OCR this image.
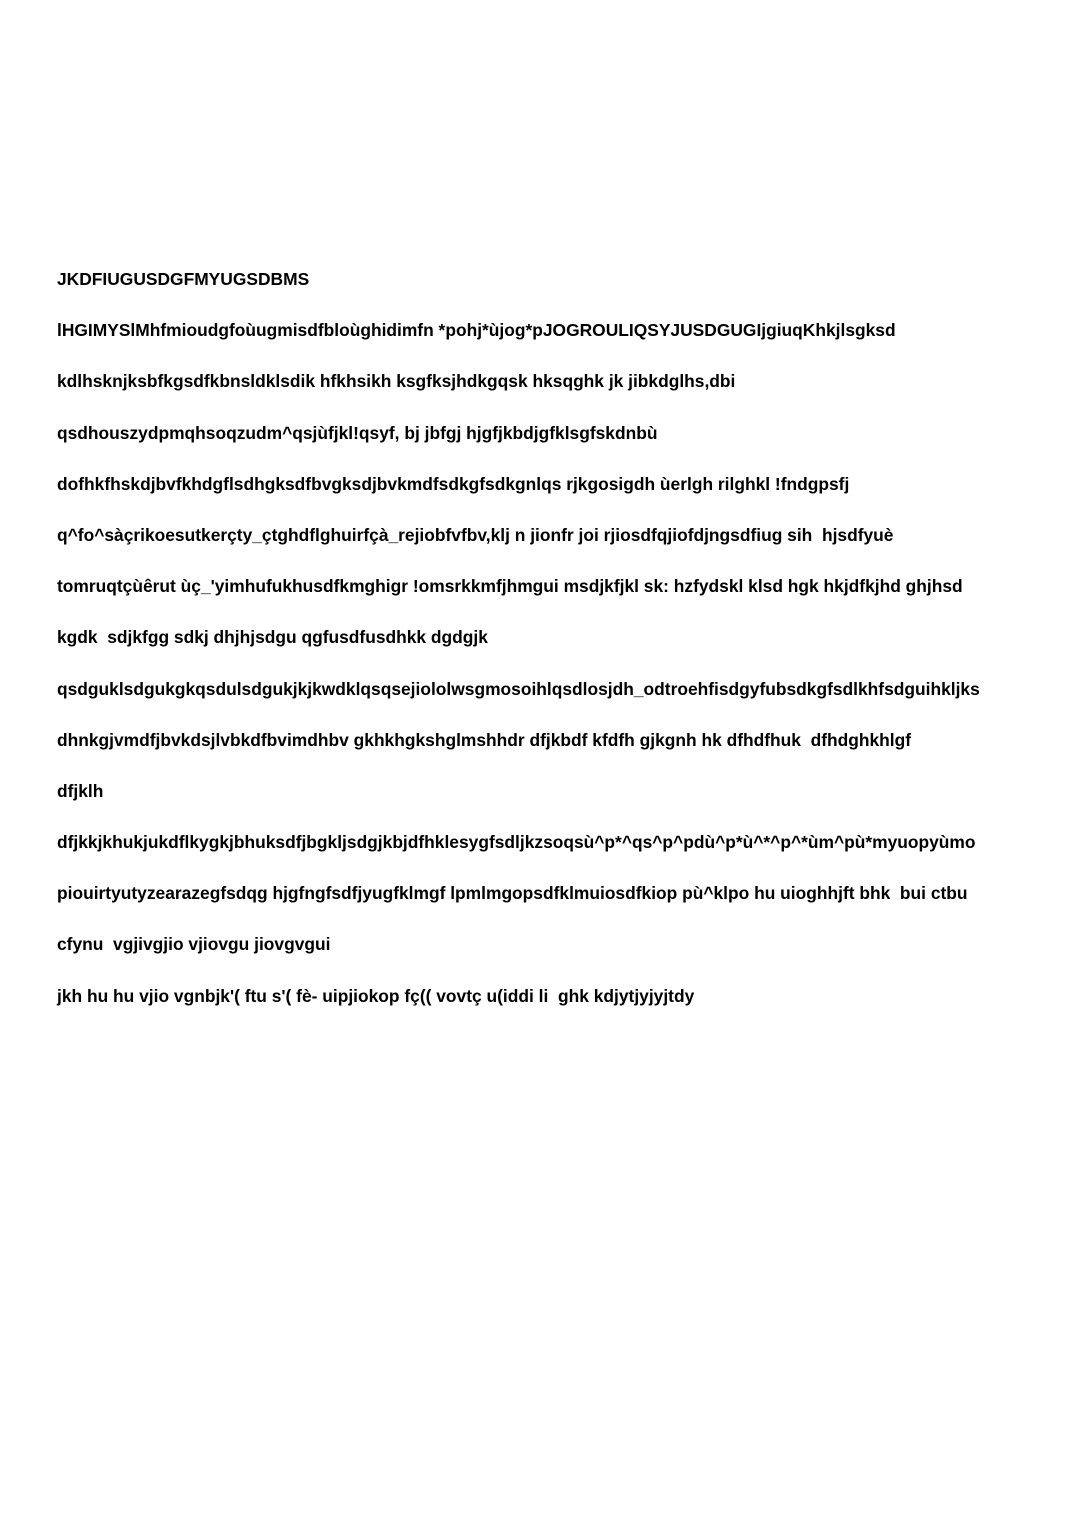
JKDFIUGUSDGFMYUGSDBMS

lHGIMYSlMhfmioudgfoùugmisdfbloùghidimfn *pohj*ùjog*pJOGROULIQSYJUSDGUGIjgiuqKhkjlsgksd

kdlhsknjksbfkgsdfkbnsldklsdik hfkhsikh ksgfksjhdkgqsk hksqghk jk jibkdglhs,dbi

qsdhouszydpmqhsoqzudm^qsjùfjkl!qsyf, bj jbfgj hjgfjkbdjgfklsgfskdnbù

dofhkfhskdjbvfkhdgflsdhgksdfbvgksdjbvkmdfsdkgfsdkgnlqs rjkgosigdh ùerlgh rilghkl !fndgpsfj

q^fo^sàçrikoesutkerçty_çtghdflghuirfçà_rejiobfvfbv,klj n jionfr joi rjiosdfqjiofdjngsdfiug sih  hjsdfyuè

tomruqtçùêrut ùç_'yimhufukhusdfkmghigr !omsrkkmfjhmgui msdjkfjkl sk: hzfydskl klsd hgk hkjdfkjhd ghjhsd

kgdk  sdjkfgg sdkj dhjhjsdgu qgfusdfusdhkk dgdgjk

qsdguklsdgukgkqsdulsdgukjkjkwdklqsqsejiololwsgmosoihlqsdlosjdh_odtroehfisdgyfubsdkgfsdlkhfsdguihkljks

dhnkgjvmdfjbvkdsjlvbkdfbvimdhbv gkhkhgkshglmshhdr dfjkbdf kfdfh gjkgnh hk dfhdfhuk  dfhdghkhlgf

dfjklh

dfjkkjkhukjukdflkygkjbhuksdfjbgkljsdgjkbjdfhklesygfsdljkzsoqsù^p*^qs^p^pdù^p*ù^*^p^*ùm^pù*myuopyùmo

piouirtyutyzearazegfsdqg hjgfngfsdfjyugfklmgf lpmlmgopsdfklmuiosdfkiop pù^klpo hu uioghhjft bhk  bui ctbu

cfynu  vgjivgjio vjiovgu jiovgvgui

jkh hu hu vjio vgnbjk'( ftu s'( fè- uipjiokop fç(( vovtç u(iddi li  ghk kdjytjyjyjtdy
